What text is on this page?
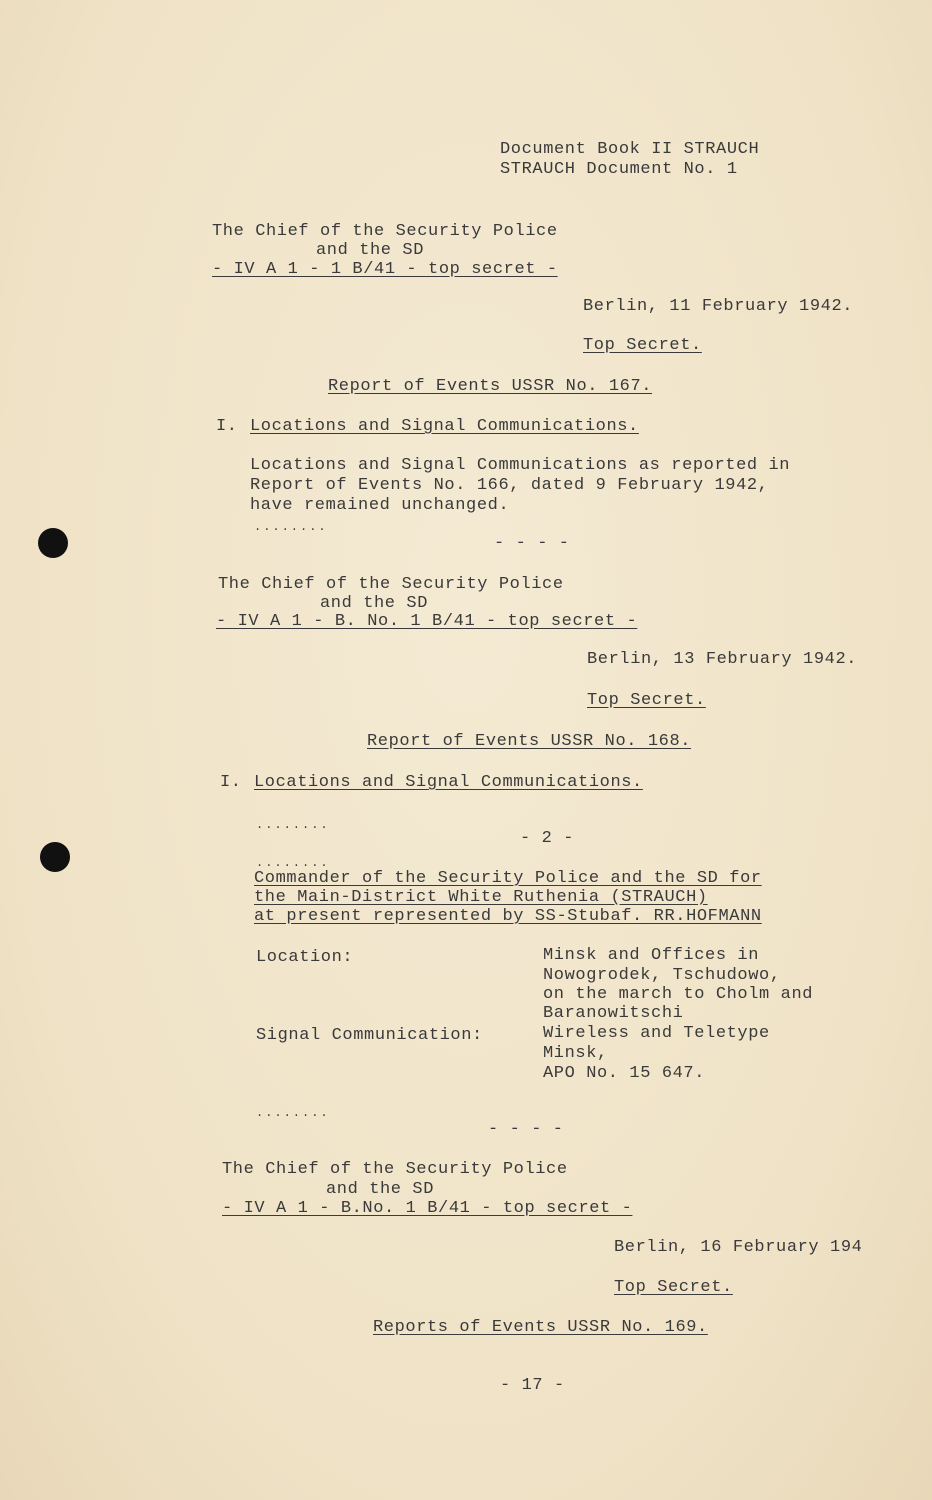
Document Book II STRAUCH
STRAUCH Document No. 1
The Chief of the Security Police
and the SD
- IV A 1 - 1 B/41 - top secret -
Berlin, 11 February 1942.
Top Secret.
Report of Events USSR No. 167.
I. Locations and Signal Communications.
Locations and Signal Communications as reported in
Report of Events No. 166, dated 9 February 1942,
have remained unchanged.
........
- - - -
The Chief of the Security Police
and the SD
- IV A 1 - B. No. 1 B/41 - top secret -
Berlin, 13 February 1942.
Top Secret.
Report of Events USSR No. 168.
I. Locations and Signal Communications.
........
- 2 -
........
Commander of the Security Police and the SD for
the Main-District White Ruthenia (STRAUCH)
at present represented by SS-Stubaf. RR.HOFMANN
Location:	Minsk and Offices in
Nowogrodek, Tschudowo,
on the march to Cholm and
Baranowitschi
Signal Communication:	Wireless and Teletype
Minsk,
APO No. 15 647.
........
- - - -
The Chief of the Security Police
and the SD
- IV A 1 - B.No. 1 B/41 - top secret -
Berlin, 16 February 194
Top Secret.
Reports of Events USSR No. 169.
- 17 -
